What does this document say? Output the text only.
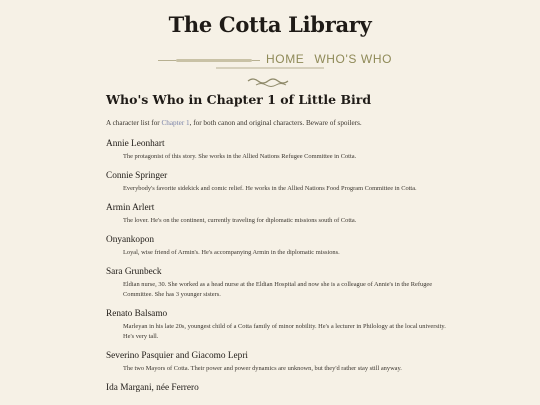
The Cotta Library
HOME WHO'S WHO
Who's Who in Chapter 1 of Little Bird

A character list for Chapter 1, for both canon and original characters. Beware of spoilers.

Annie Leonhart

The protagonist of this story. She works in the Allied Nations Refugee Committee in Cotta.

Connie Springer

Everybody's favorite sidekick and comic relief. He works in the Allied Nations Food Program Committee in Cotta.

Armin Arlert

The lover. He's on the continent, currently traveling for diplomatic missions south of Cotta.

Onyankopon

Loyal, wise friend of Armin's. He's accompanying Armin in the diplomatic missions.

Sara Grunbeck

Eldian nurse, 30. She worked as a head nurse at the Eldian Hospital and now she is a colleague of Annie's in the Refugee Committee. She has 3 younger sisters.

Renato Balsamo

Marleyan in his late 20s, youngest child of a Cotta family of minor nobility. He's a lecturer in Philology at the local university. He's very tall.

Severino Pasquier and Giacomo Lepri

The two Mayors of Cotta. Their power and power dynamics are unknown, but they'd rather stay still anyway.

Ida Margani, née Ferrero
